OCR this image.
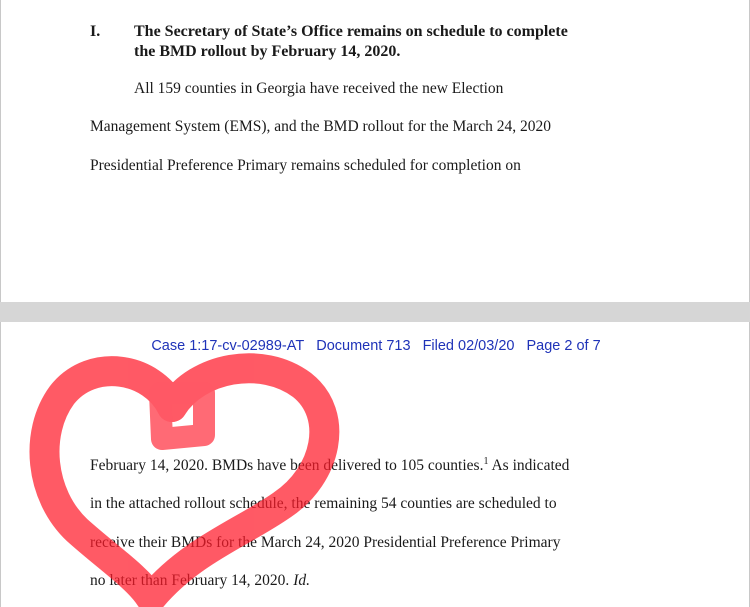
I. The Secretary of State’s Office remains on schedule to complete
the BMD rollout by February 14, 2020.
All 159 counties in Georgia have received the new Election
Management System (EMS), and the BMD rollout for the March 24, 2020
Presidential Preference Primary remains scheduled for completion on
Case 1:17-cv-02989-AT Document 713 Filed 02/03/20 Page 2 of 7
February 14, 2020. BMDs have been delivered to 105 counties.$^1$ As indicated
in the attached rollout schedule, the remaining 54 counties are scheduled to
receive their BMDs for the March 24, 2020 Presidential Preference Primary
no later than February 14, 2020. Id.
